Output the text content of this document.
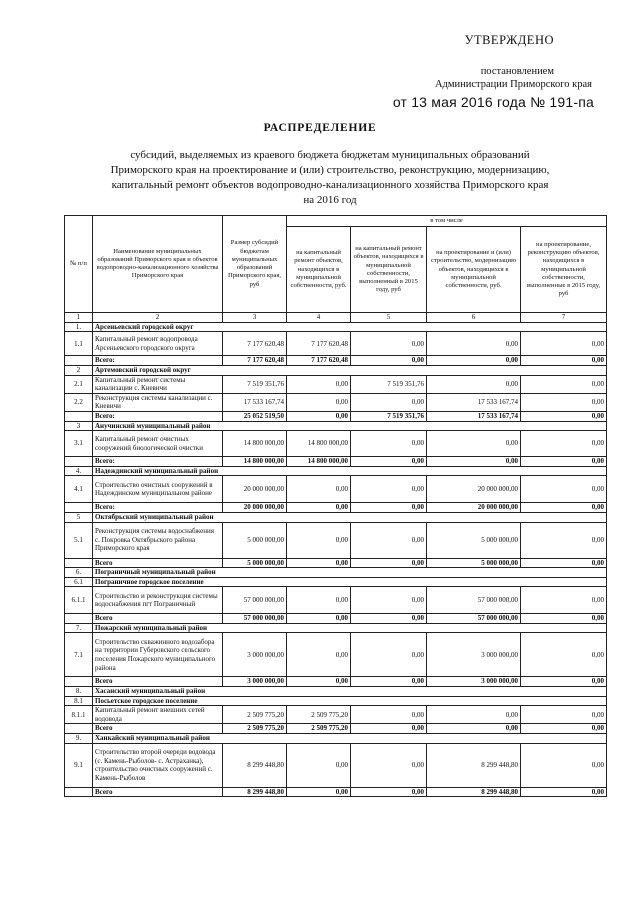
УТВЕРЖДЕНО
постановлением
Администрации Приморского края
от 13 мая 2016 года № 191-па
РАСПРЕДЕЛЕНИЕ
субсидий, выделяемых из краевого бюджета бюджетам муниципальных образований Приморского края на проектирование и (или) строительство, реконструкцию, модернизацию, капитальный ремонт объектов водопроводно-канализационного хозяйства Приморского края на 2016 год
№ п/п	Наименование муниципальных образований Приморского края и объектов водопроводно-канализационного хозяйства Приморского края	Размер субсидий бюджетам муниципальных образований Приморского края, руб	в том числе			
			на капитальный ремонт объектов, находящихся в муниципальной собственности, руб.	на капитальный ремонт объектов, находящихся в муниципальной собственности, выполненный в 2015 году, руб	на проектирование и (или) строительство, модернизацию объектов, находящихся в муниципальной собственности, руб.	на проектирование, реконструкцию объектов, находящихся в муниципальной собственности, выполненные в 2015 году, руб
1	2	3	4	5	6	7
1.	Арсеньевский городской округ					
1.1	Капитальный ремонт водопровода Арсеньевского городского округа	7 177 620,48	7 177 620,48	0,00	0,00	0,00
	Всего:	7 177 620,48	7 177 620,48	0,00	0,00	0,00
2	Артемовский городской округ					
2.1	Капитальный ремонт системы канализации с. Кневичи	7 519 351,76	0,00	7 519 351,76	0,00	0,00
2.2	Реконструкция системы канализации с. Кневичи	17 533 167,74	0,00	0,00	17 533 167,74	0,00
	Всего:	25 052 519,50	0,00	7 519 351,76	17 533 167,74	0,00
3	Анучинский муниципальный район					
3.1	Капитальный ремонт очистных сооружений биологической очистки	14 800 000,00	14 800 000,00	0,00	0,00	0,00
	Всего:	14 800 000,00	14 800 000,00	0,00	0,00	0,00
4.	Надеждинский муниципальный район					
4.1	Строительство очистных сооружений в Надеждинском муниципальном районе	20 000 000,00	0,00	0,00	20 000 000,00	0,00
	Всего:	20 000 000,00	0,00	0,00	20 000 000,00	0,00
5	Октябрьский муниципальный район					
5.1	Реконструкция системы водоснабжения с. Покровка Октябрьского района Приморского края	5 000 000,00	0,00	0,00	5 000 000,00	0,00
	Всего	5 000 000,00	0,00	0,00	5 000 000,00	0,00
6.	Пограничный муниципальный район					
6.1	Пограничное городское поселение					
6.1.1	Строительство и реконструкция системы водоснабжения пгт Пограничный	57 000 000,00	0,00	0,00	57 000 000,00	0,00
	Всего	57 000 000,00	0,00	0,00	57 000 000,00	0,00
7.	Пожарский муниципальный район					
7.1	Строительство скважинного водозабора на территории Губеровского сельского поселения Пожарского муниципального района	3 000 000,00	0,00	0,00	3 000 000,00	0,00
	Всего	3 000 000,00	0,00	0,00	3 000 000,00	0,00
8.	Хасанский муниципальный район					
8.1	Посьетское городское поселение					
8.1.1	Капитальный ремонт внешних сетей водовода	2 509 775,20	2 509 775,20	0,00	0,00	0,00
	Всего	2 509 775,20	2 509 775,20	0,00	0,00	0,00
9.	Ханкайский муниципальный район					
9.1	Строительство второй очереди водовода (с. Камень-Рыболов- с. Астраханка), строительство очистных сооружений с. Камень-Рыболов	8 299 448,80	0,00	0,00	8 299 448,80	0,00
	Всего	8 299 448,80	0,00	0,00	8 299 448,80	0,00
